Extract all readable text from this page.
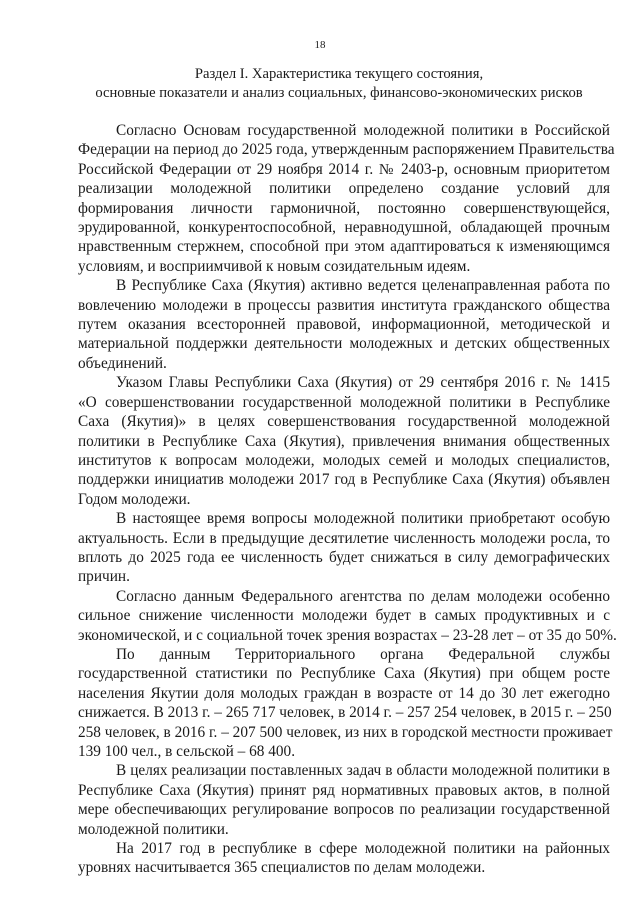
18
Раздел I. Характеристика текущего состояния,
основные показатели и анализ социальных, финансово-экономических рисков

Согласно Основам государственной молодежной политики в Российской
Федерации на период до 2025 года, утвержденным распоряжением Правительства
Российской Федерации от 29 ноября 2014 г. № 2403-р, основным приоритетом
реализации молодежной политики определено создание условий для
формирования личности гармоничной, постоянно совершенствующейся,
эрудированной, конкурентоспособной, неравнодушной, обладающей прочным
нравственным стержнем, способной при этом адаптироваться к изменяющимся
условиям, и восприимчивой к новым созидательным идеям.

В Республике Саха (Якутия) активно ведется целенаправленная работа по
вовлечению молодежи в процессы развития института гражданского общества
путем оказания всесторонней правовой, информационной, методической и
материальной поддержки деятельности молодежных и детских общественных
объединений.

Указом Главы Республики Саха (Якутия) от 29 сентября 2016 г. № 1415
«О совершенствовании государственной молодежной политики в Республике
Саха (Якутия)» в целях совершенствования государственной молодежной
политики в Республике Саха (Якутия), привлечения внимания общественных
институтов к вопросам молодежи, молодых семей и молодых специалистов,
поддержки инициатив молодежи 2017 год в Республике Саха (Якутия) объявлен
Годом молодежи.

В настоящее время вопросы молодежной политики приобретают особую
актуальность. Если в предыдущие десятилетие численность молодежи росла, то
вплоть до 2025 года ее численность будет снижаться в силу демографических
причин.

Согласно данным Федерального агентства по делам молодежи особенно
сильное снижение численности молодежи будет в самых продуктивных и с
экономической, и с социальной точек зрения возрастах – 23-28 лет – от 35 до 50%.

По данным Территориального органа Федеральной службы
государственной статистики по Республике Саха (Якутия) при общем росте
населения Якутии доля молодых граждан в возрасте от 14 до 30 лет ежегодно
снижается. В 2013 г. – 265 717 человек, в 2014 г. – 257 254 человек, в 2015 г. – 250
258 человек, в 2016 г. – 207 500 человек, из них в городской местности проживает
139 100 чел., в сельской – 68 400.

В целях реализации поставленных задач в области молодежной политики в
Республике Саха (Якутия) принят ряд нормативных правовых актов, в полной
мере обеспечивающих регулирование вопросов по реализации государственной
молодежной политики.

На 2017 год в республике в сфере молодежной политики на районных
уровнях насчитывается 365 специалистов по делам молодежи.
